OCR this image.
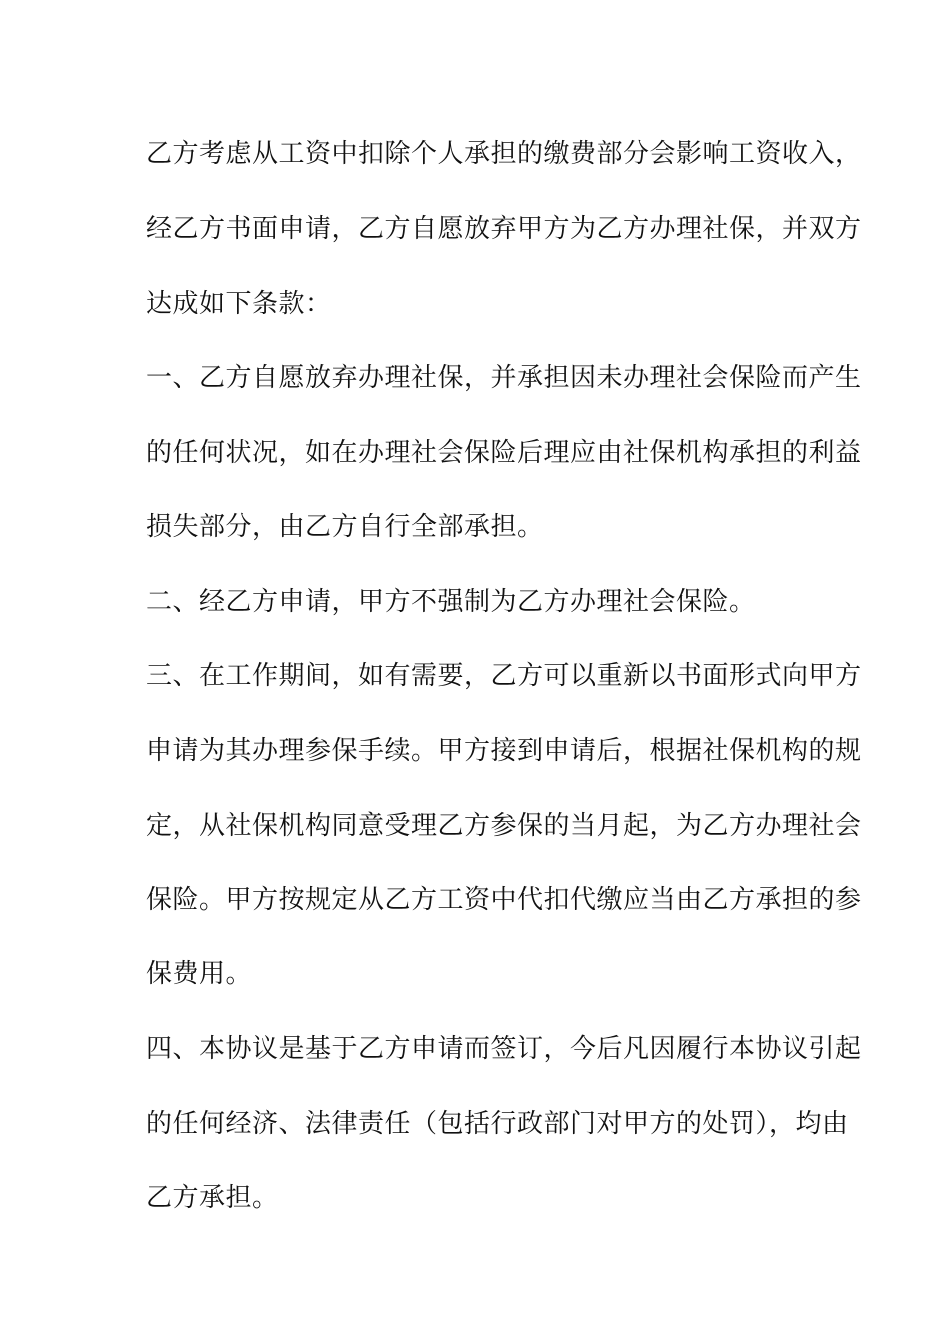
乙方考虑从工资中扣除个人承担的缴费部分会影响工资收入，
经乙方书面申请，乙方自愿放弃甲方为乙方办理社保，并双方
达成如下条款：
一、乙方自愿放弃办理社保，并承担因未办理社会保险而产生
的任何状况，如在办理社会保险后理应由社保机构承担的利益
损失部分，由乙方自行全部承担。
二、经乙方申请，甲方不强制为乙方办理社会保险。
三、在工作期间，如有需要，乙方可以重新以书面形式向甲方
申请为其办理参保手续。甲方接到申请后，根据社保机构的规
定，从社保机构同意受理乙方参保的当月起，为乙方办理社会
保险。甲方按规定从乙方工资中代扣代缴应当由乙方承担的参
保费用。
四、本协议是基于乙方申请而签订，今后凡因履行本协议引起
的任何经济、法律责任（包括行政部门对甲方的处罚），均由
乙方承担。
